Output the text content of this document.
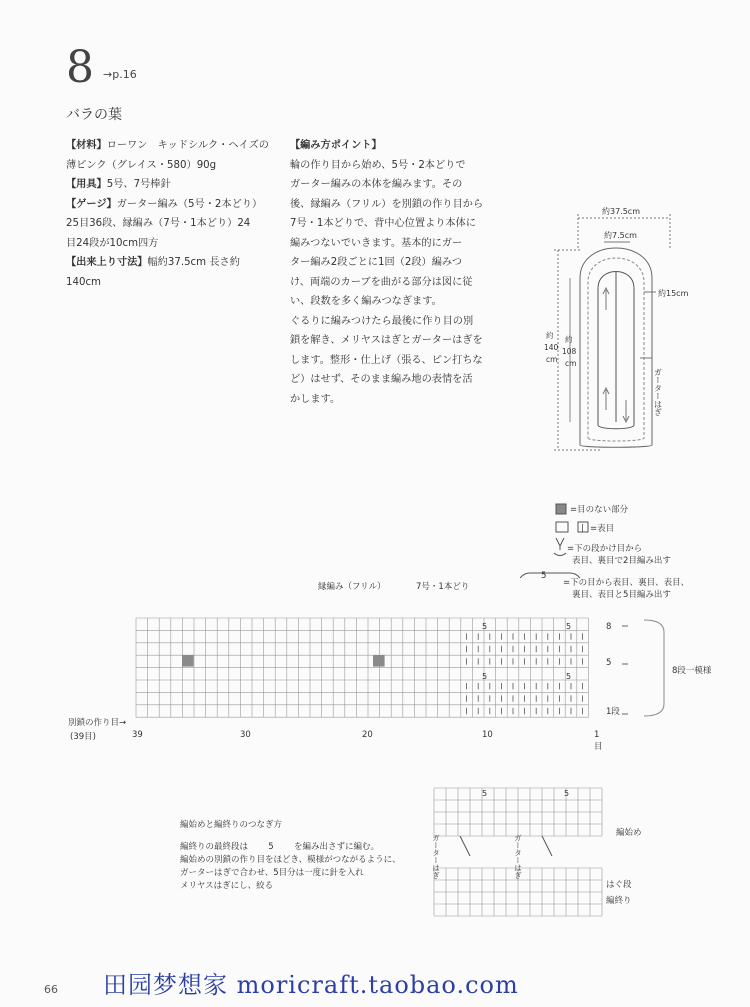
8 →p.16
バラの葉
【材料】ローワン　キッドシルク・ヘイズの
薄ピンク（グレイス・580）90g
【用具】5号、7号棒針
【ゲージ】ガーター編み（5号・2本どり）
25目36段、縁編み（7号・1本どり）24
目24段が10cm四方
【出来上り寸法】幅約37.5cm 長さ約
140cm
【編み方ポイント】
輪の作り目から始め、5号・2本どりで
ガーター編みの本体を編みます。その
後、縁編み（フリル）を別鎖の作り目から
7号・1本どりで、背中心位置より本体に
編みつないでいきます。基本的にガー
ター編み2段ごとに1回（2段）編みつ
け、両端のカーブを曲がる部分は図に従
い、段数を多く編みつなぎます。
ぐるりに編みつけたら最後に作り目の別
鎖を解き、メリヤスはぎとガーターはぎを
します。整形・仕上げ（張る、ピン打ちな
ど）はせず、そのまま編み地の表情を活
かします。
約37.5cm
約7.5cm
約15cm
約
140
cm
約
108
cm
ガーターはぎ
|
=目のない部分
=表目
=下の段かけ目から
表目、裏目で2目編み出す
5
=下の目から表目、裏目、表目、
裏目、表目と5目編み出す
縁編み（フリル）	7号・1本どり
5	5
5	5
8
5
1段
8段一模様
別鎖の作り目→
(39目)	39	30	20	10	1
目
編始めと編終りのつなぎ方
編終りの最終段は 5 を編み出さずに編む。
編始めの別鎖の作り目をほどき、模様がつながるように、
ガーターはぎで合わせ、5目分は一度に針を入れ
メリヤスはぎにし、絞る
5	5
ガーターはぎ	ガーターはぎ
編始め
はぐ段
編終り
田园梦想家 moricraft.taobao.com
66
